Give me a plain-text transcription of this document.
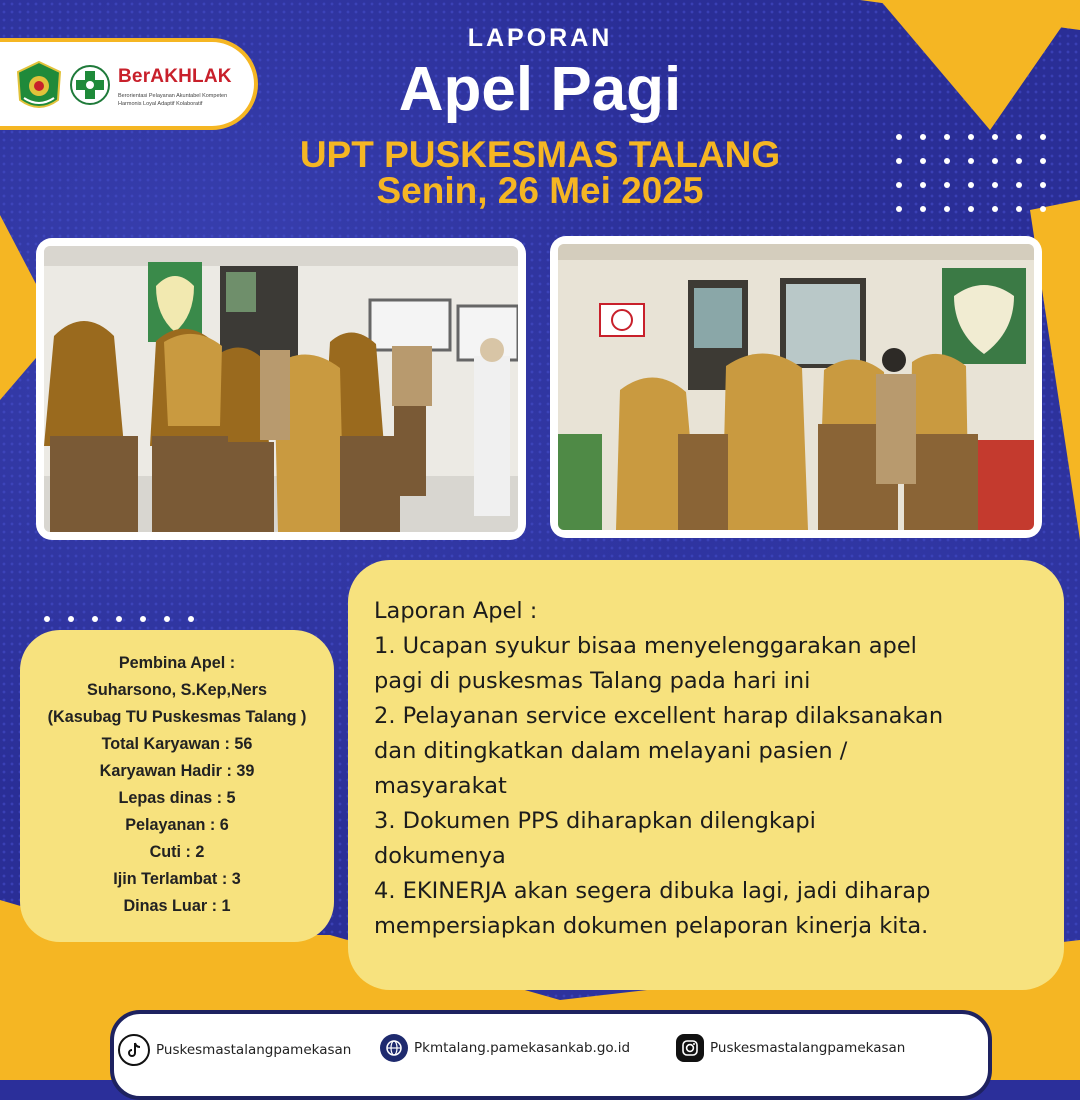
BerAKHLAK
Berorientasi Pelayanan Akuntabel Kompeten Harmonis Loyal Adaptif Kolaboratif
LAPORAN
Apel Pagi
UPT PUSKESMAS TALANG
Senin, 26 Mei 2025
Pembina Apel :
Suharsono, S.Kep,Ners
(Kasubag TU Puskesmas Talang )
Total Karyawan : 56
Karyawan Hadir : 39
Lepas dinas : 5
Pelayanan : 6
Cuti : 2
Ijin Terlambat : 3
Dinas Luar : 1
Laporan Apel :
1. Ucapan syukur bisaa menyelenggarakan apel
pagi di puskesmas Talang pada hari ini
2. Pelayanan service excellent harap dilaksanakan
dan ditingkatkan dalam melayani pasien /
masyarakat
3. Dokumen PPS diharapkan dilengkapi
dokumenya
4. EKINERJA akan segera dibuka lagi, jadi diharap
mempersiapkan dokumen pelaporan kinerja kita.
Puskesmastalangpamekasan	Pkmtalang.pamekasankab.go.id	Puskesmastalangpamekasan
